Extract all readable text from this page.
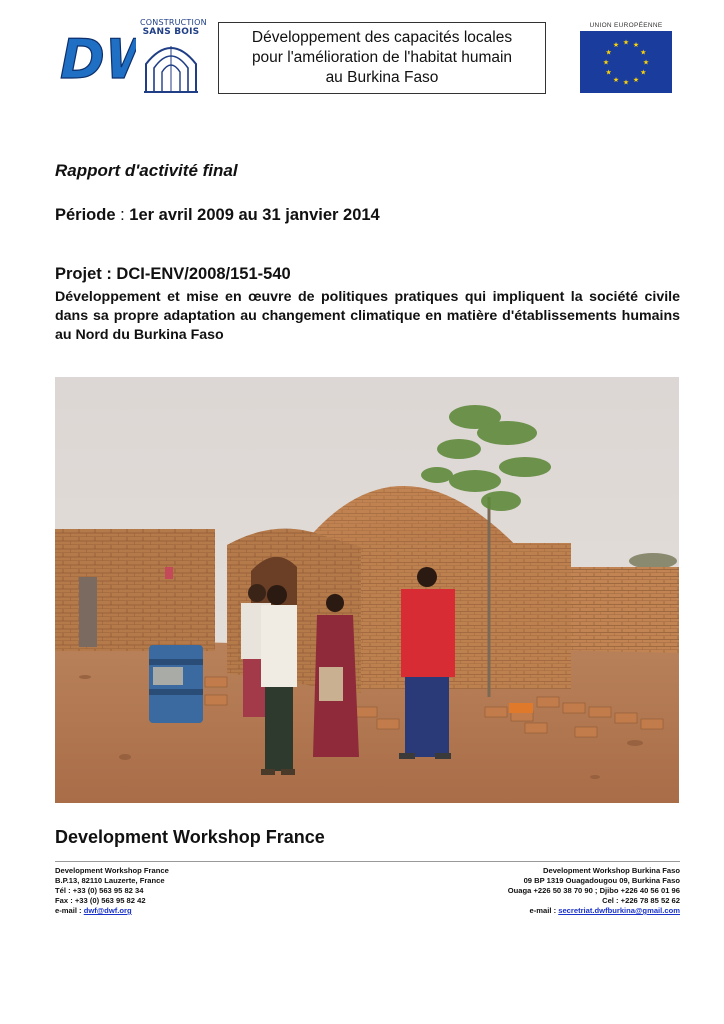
D
CONSTRUCTION
SANS BOIS	Développement des capacités locales
pour l'amélioration de l'habitat humain
au Burkina Faso
UNION EUROPÉENNE
★ ★
★
★
★
★
★
★
★
★
★
★
Rapport d'activité final
Période : 1er avril 2009 au 31 janvier 2014
Projet : DCI-ENV/2008/151-540
Développement et mise en œuvre de politiques pratiques qui impliquent la société civile dans sa propre adaptation au changement climatique en matière d'établissements humains au Nord du Burkina Faso
Development Workshop France
Development Workshop France
B.P.13, 82110 Lauzerte, France
Tél : +33 (0) 563 95 82 34
Fax : +33 (0) 563 95 82 42
e-mail : dwf@dwf.org
Development Workshop Burkina Faso
09 BP 1319 Ouagadougou 09, Burkina Faso
Ouaga +226 50 38 70 90 ; Djibo +226 40 56 01 96
Cel : +226 78 85 52 62
e-mail : secretriat.dwfburkina@gmail.com
